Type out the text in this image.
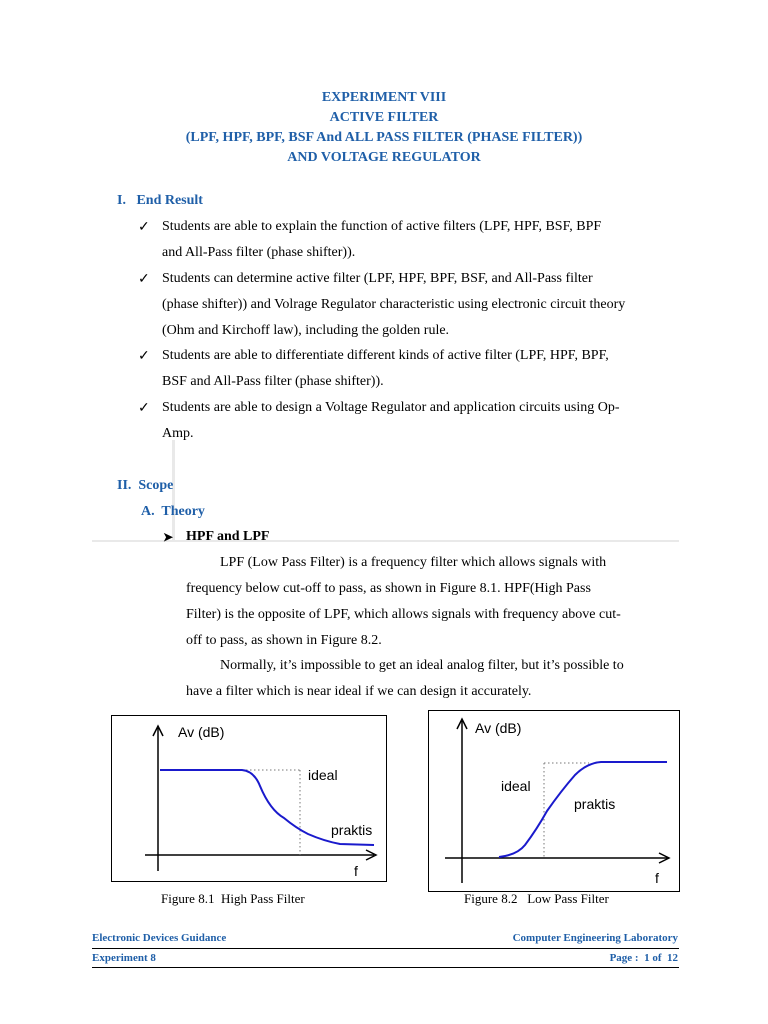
EXPERIMENT VIII
ACTIVE FILTER
(LPF, HPF, BPF, BSF And ALL PASS FILTER (PHASE FILTER))
AND VOLTAGE REGULATOR
I.   End Result
✓ Students are able to explain the function of active filters (LPF, HPF, BSF, BPF
and All-Pass filter (phase shifter)).
✓ Students can determine active filter (LPF, HPF, BPF, BSF, and All-Pass filter
(phase shifter)) and Volrage Regulator characteristic using electronic circuit theory
(Ohm and Kirchoff law), including the golden rule.
✓ Students are able to differentiate different kinds of active filter (LPF, HPF, BPF,
BSF and All-Pass filter (phase shifter)).
✓ Students are able to design a Voltage Regulator and application circuits using Op-
Amp.
II.  Scope
A.  Theory
➤ HPF and LPF
LPF (Low Pass Filter) is a frequency filter which allows signals with
frequency below cut-off to pass, as shown in Figure 8.1. HPF(High Pass
Filter) is the opposite of LPF, which allows signals with frequency above cut-
off to pass, as shown in Figure 8.2.
Normally, it’s impossible to get an ideal analog filter, but it’s possible to
have a filter which is near ideal if we can design it accurately.
Av (dB)
ideal
praktis
f
Figure 8.1  High Pass Filter
Av (dB)
ideal
praktis
f
Figure 8.2   Low Pass Filter
Electronic Devices Guidance	Computer Engineering Laboratory
Experiment 8	Page :  1 of  12
